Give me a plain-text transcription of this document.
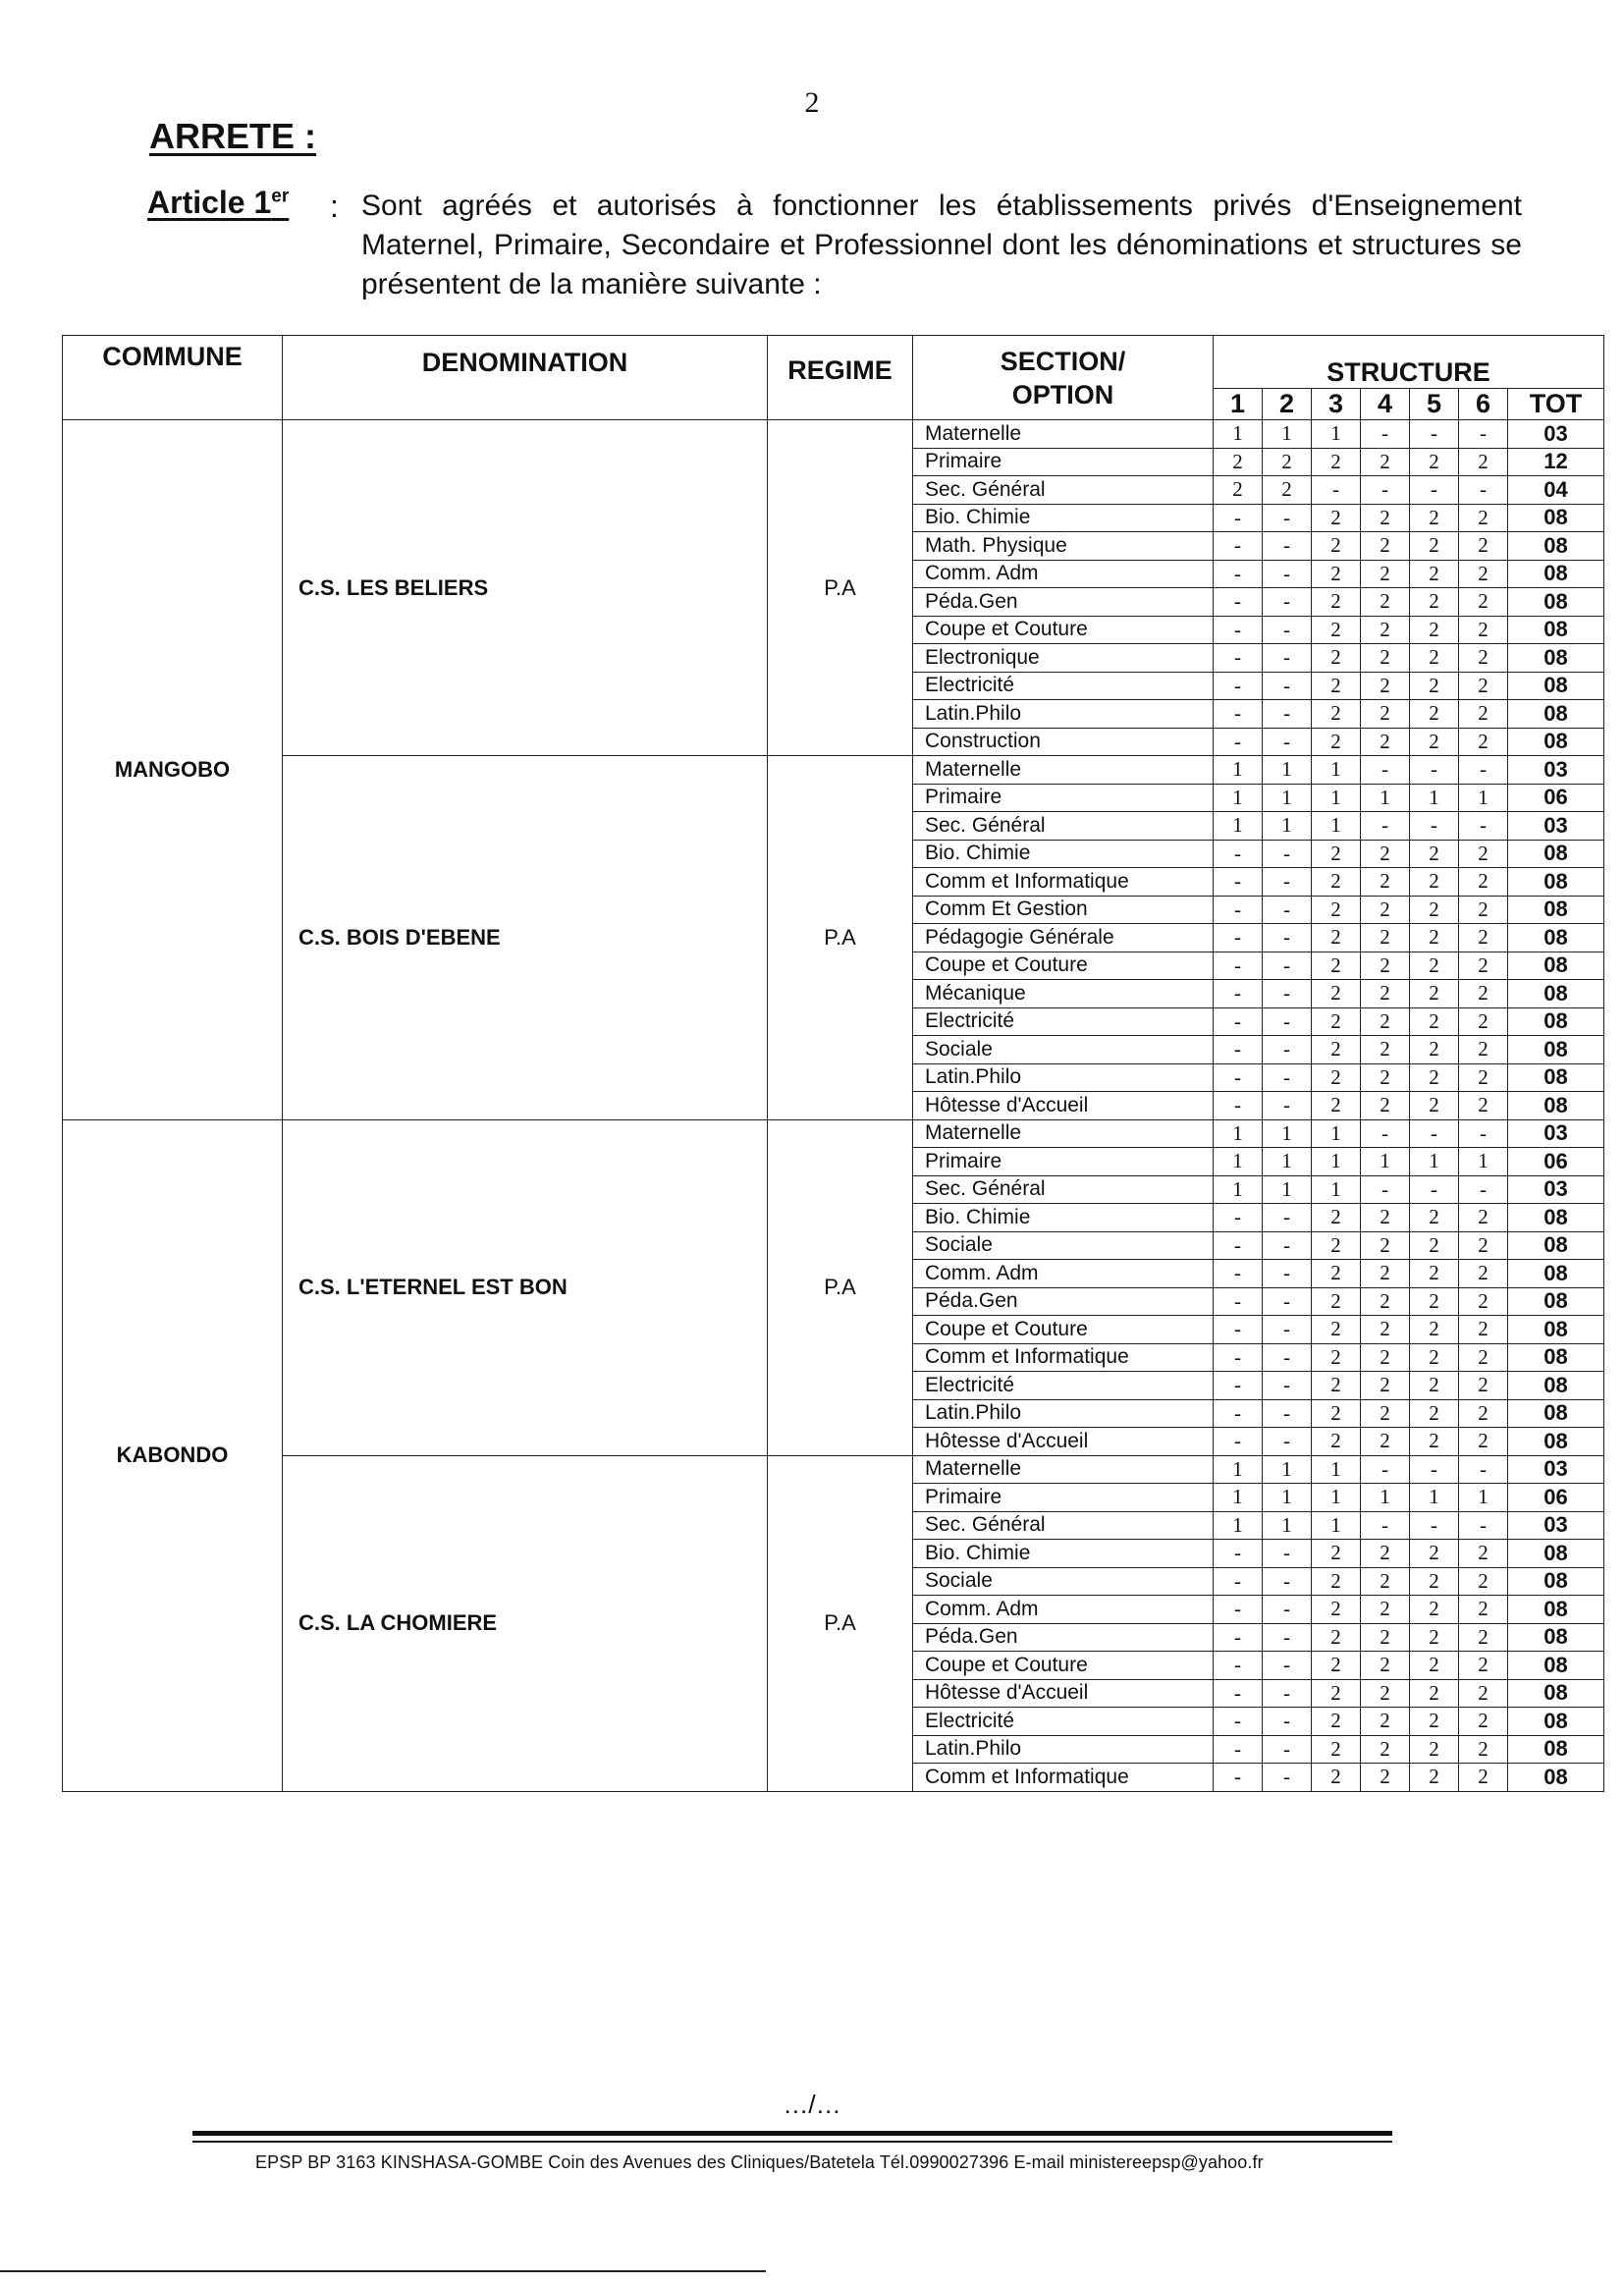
2
ARRETE :
Article 1er : Sont agréés et autorisés à fonctionner les établissements privés d'Enseignement Maternel, Primaire, Secondaire et Professionnel dont les dénominations et structures se présentent de la manière suivante :
COMMUNE	DENOMINATION	REGIME	SECTION/ OPTION	STRUCTURE						
				1	2	3	4	5	6	TOT
MANGOBO	C.S. LES BELIERS	P.A	Maternelle	1	1	1	-	-	-	03
			Primaire	2	2	2	2	2	2	12
			Sec. Général	2	2	-	-	-	-	04
			Bio. Chimie	-	-	2	2	2	2	08
			Math. Physique	-	-	2	2	2	2	08
			Comm. Adm	-	-	2	2	2	2	08
			Péda.Gen	-	-	2	2	2	2	08
			Coupe et Couture	-	-	2	2	2	2	08
			Electronique	-	-	2	2	2	2	08
			Electricité	-	-	2	2	2	2	08
			Latin.Philo	-	-	2	2	2	2	08
			Construction	-	-	2	2	2	2	08
	C.S. BOIS D'EBENE	P.A	Maternelle	1	1	1	-	-	-	03
			Primaire	1	1	1	1	1	1	06
			Sec. Général	1	1	1	-	-	-	03
			Bio. Chimie	-	-	2	2	2	2	08
			Comm et Informatique	-	-	2	2	2	2	08
			Comm Et Gestion	-	-	2	2	2	2	08
			Pédagogie Générale	-	-	2	2	2	2	08
			Coupe et Couture	-	-	2	2	2	2	08
			Mécanique	-	-	2	2	2	2	08
			Electricité	-	-	2	2	2	2	08
			Sociale	-	-	2	2	2	2	08
			Latin.Philo	-	-	2	2	2	2	08
			Hôtesse d'Accueil	-	-	2	2	2	2	08
KABONDO	C.S. L'ETERNEL EST BON	P.A	Maternelle	1	1	1	-	-	-	03
			Primaire	1	1	1	1	1	1	06
			Sec. Général	1	1	1	-	-	-	03
			Bio. Chimie	-	-	2	2	2	2	08
			Sociale	-	-	2	2	2	2	08
			Comm. Adm	-	-	2	2	2	2	08
			Péda.Gen	-	-	2	2	2	2	08
			Coupe et Couture	-	-	2	2	2	2	08
			Comm et Informatique	-	-	2	2	2	2	08
			Electricité	-	-	2	2	2	2	08
			Latin.Philo	-	-	2	2	2	2	08
			Hôtesse d'Accueil	-	-	2	2	2	2	08
	C.S. LA CHOMIERE	P.A	Maternelle	1	1	1	-	-	-	03
			Primaire	1	1	1	1	1	1	06
			Sec. Général	1	1	1	-	-	-	03
			Bio. Chimie	-	-	2	2	2	2	08
			Sociale	-	-	2	2	2	2	08
			Comm. Adm	-	-	2	2	2	2	08
			Péda.Gen	-	-	2	2	2	2	08
			Coupe et Couture	-	-	2	2	2	2	08
			Hôtesse d'Accueil	-	-	2	2	2	2	08
			Electricité	-	-	2	2	2	2	08
			Latin.Philo	-	-	2	2	2	2	08
			Comm et Informatique	-	-	2	2	2	2	08
…/…
EPSP BP 3163 KINSHASA-GOMBE Coin des Avenues des Cliniques/Batetela Tél.0990027396 E-mail ministereepsp@yahoo.fr
